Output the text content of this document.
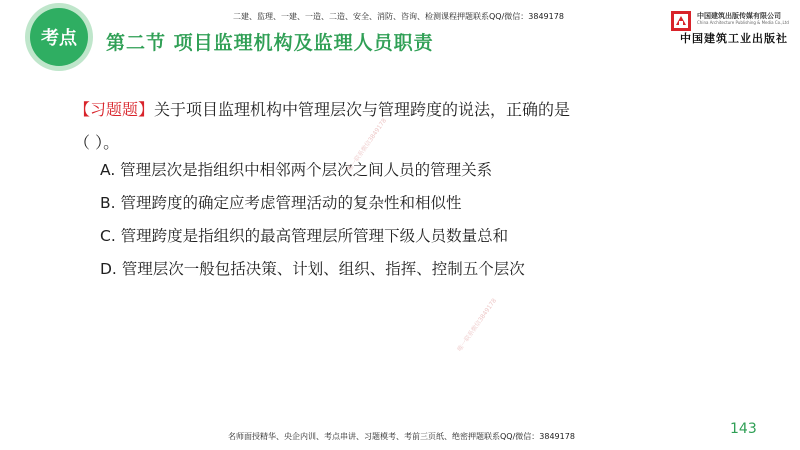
考点	第二节 项目监理机构及监理人员职责
二建、监理、一建、一造、二造、安全、消防、咨询、检测课程押题联系QQ/微信：3849178	中国建筑出版传媒有限公司
China Architecture Publishing & Media Co.,Ltd
中国建筑工业出版社
【习题题】关于项目监理机构中管理层次与管理跨度的说法，正确的是
（ ）。
A. 管理层次是指组织中相邻两个层次之间人员的管理关系
B. 管理跨度的确定应考虑管理活动的复杂性和相似性
C. 管理跨度是指组织的最高管理层所管理下级人员数量总和
D. 管理层次一般包括决策、计划、组织、指挥、控制五个层次
唯一联系微信3849178
唯一联系微信3849178
143
名师面授精华、央企内训、考点串讲、习题模考、考前三页纸、绝密押题联系QQ/微信：3849178
